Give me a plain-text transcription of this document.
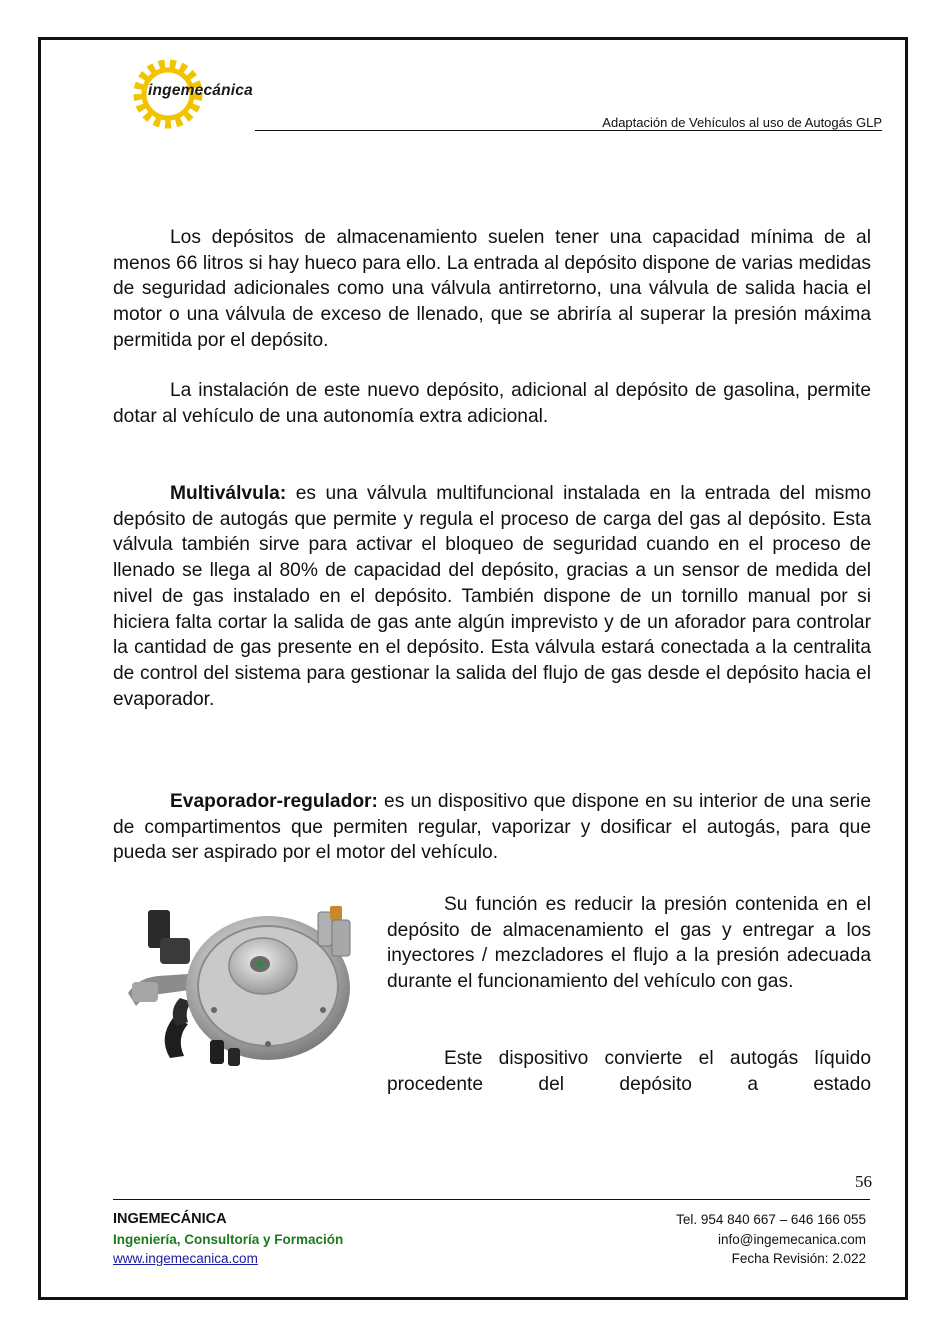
ingemecánica
Adaptación de Vehículos al uso de Autogás GLP

Los depósitos de almacenamiento suelen tener una capacidad mínima de al menos 66 litros si hay hueco para ello. La entrada al depósito dispone de varias medidas de seguridad adicionales como una válvula antirretorno, una válvula de salida hacia el motor o una válvula de exceso de llenado, que se abriría al superar la presión máxima permitida por el depósito.

La instalación de este nuevo depósito, adicional al depósito de gasolina, permite dotar al vehículo de una autonomía extra adicional.

Multiválvula: es una válvula multifuncional instalada en la entrada del mismo depósito de autogás que permite y regula el proceso de carga del gas al depósito. Esta válvula también sirve para activar el bloqueo de seguridad cuando en el proceso de llenado se llega al 80% de capacidad del depósito, gracias a un sensor de medida del nivel de gas instalado en el depósito. También dispone de un tornillo manual por si hiciera falta cortar la salida de gas ante algún imprevisto y de un aforador para controlar la cantidad de gas presente en el depósito. Esta válvula estará conectada a la centralita de control del sistema para gestionar la salida del flujo de gas desde el depósito hacia el evaporador.

Evaporador-regulador: es un dispositivo que dispone en su interior de una serie de compartimentos que permiten regular, vaporizar y dosificar el autogás, para que pueda ser aspirado por el motor del vehículo.

Su función es reducir la presión contenida en el depósito de almacenamiento el gas y entregar a los inyectores / mezcladores el flujo a la presión adecuada durante el funcionamiento del vehículo con gas.

Este dispositivo convierte el autogás líquido procedente del depósito a estado

56
INGEMECÁNICA
Ingeniería, Consultoría y Formación
www.ingemecanica.com
Tel. 954 840 667 – 646 166 055
info@ingemecanica.com
Fecha Revisión: 2.022
